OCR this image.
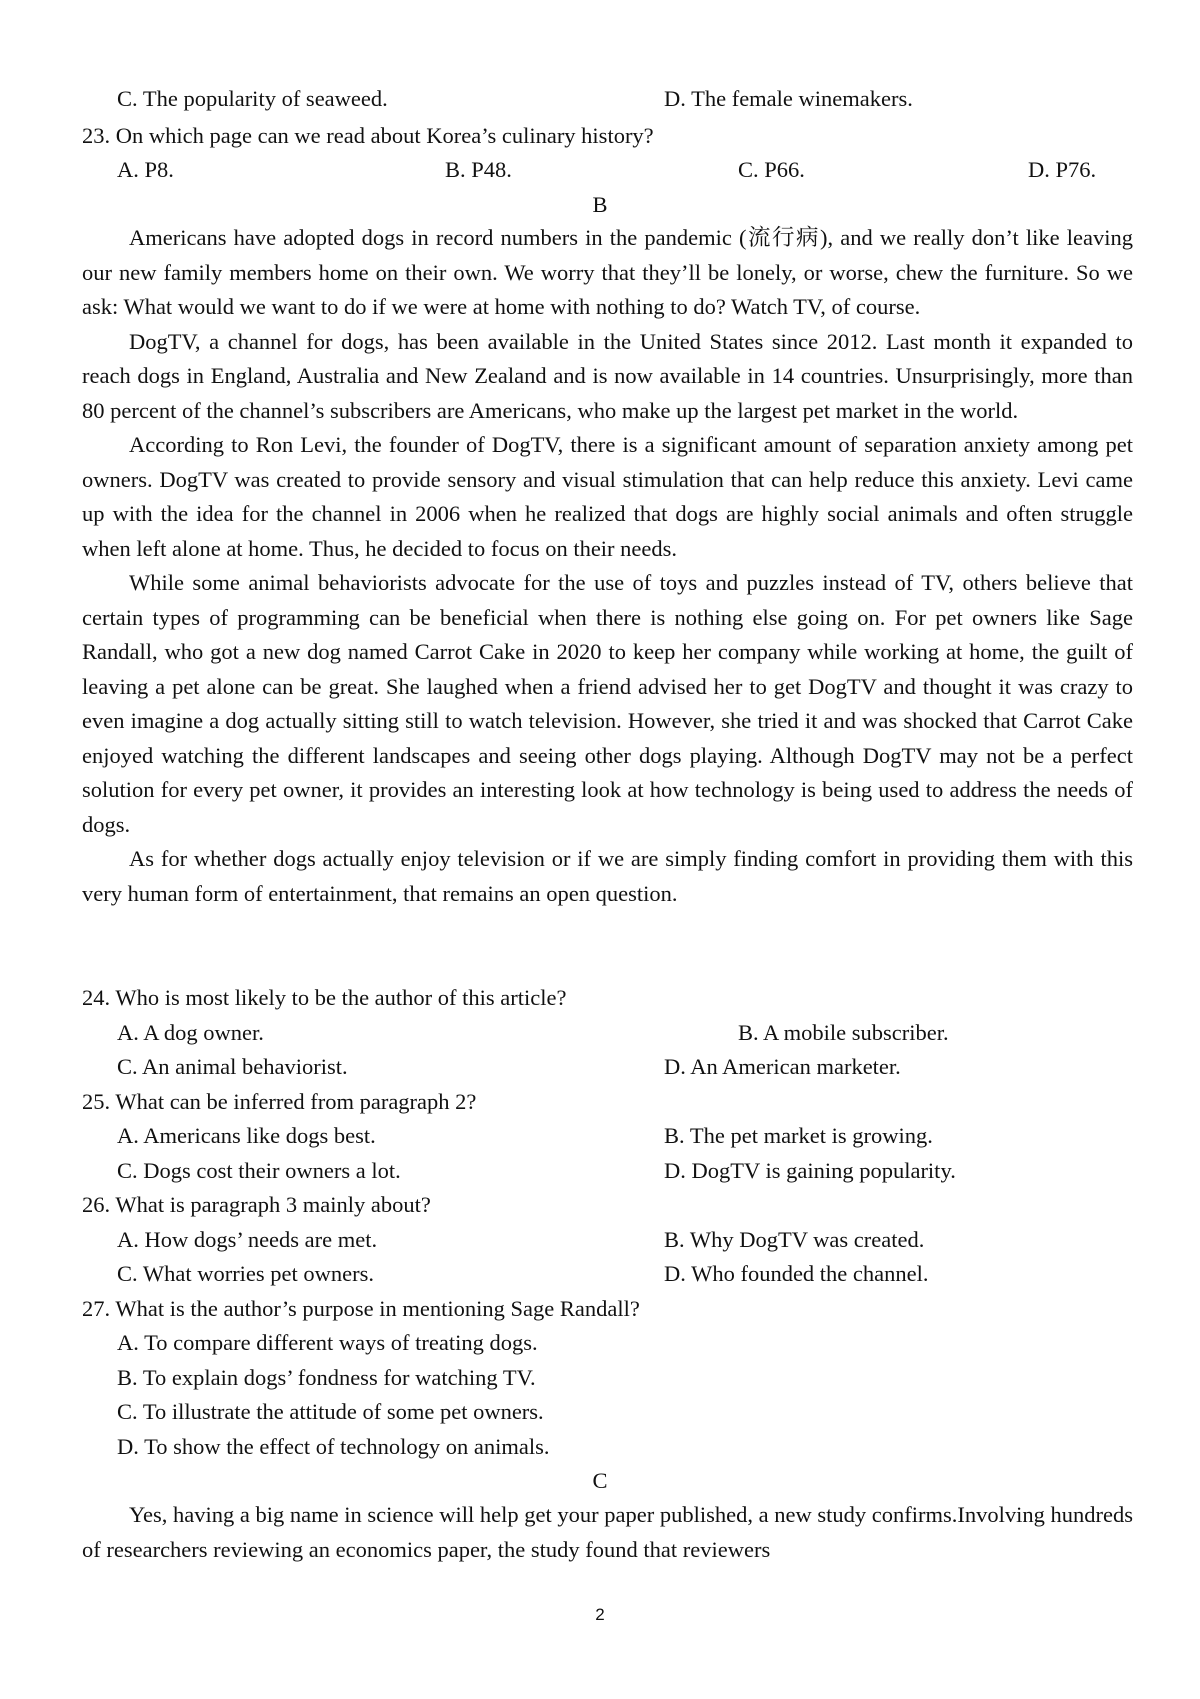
C. The popularity of seaweed.	D. The female winemakers.
23. On which page can we read about Korea’s culinary history?
A. P8.	B. P48.	C. P66.	D. P76.
B

Americans have adopted dogs in record numbers in the pandemic (流行病), and we really don’t like leaving our new family members home on their own. We worry that they’ll be lonely, or worse, chew the furniture. So we ask: What would we want to do if we were at home with nothing to do? Watch TV, of course.

DogTV, a channel for dogs, has been available in the United States since 2012. Last month it expanded to reach dogs in England, Australia and New Zealand and is now available in 14 countries. Unsurprisingly, more than 80 percent of the channel’s subscribers are Americans, who make up the largest pet market in the world.

According to Ron Levi, the founder of DogTV, there is a significant amount of separation anxiety among pet owners. DogTV was created to provide sensory and visual stimulation that can help reduce this anxiety. Levi came up with the idea for the channel in 2006 when he realized that dogs are highly social animals and often struggle when left alone at home. Thus, he decided to focus on their needs.

While some animal behaviorists advocate for the use of toys and puzzles instead of TV, others believe that certain types of programming can be beneficial when there is nothing else going on. For pet owners like Sage Randall, who got a new dog named Carrot Cake in 2020 to keep her company while working at home, the guilt of leaving a pet alone can be great. She laughed when a friend advised her to get DogTV and thought it was crazy to even imagine a dog actually sitting still to watch television. However, she tried it and was shocked that Carrot Cake enjoyed watching the different landscapes and seeing other dogs playing. Although DogTV may not be a perfect solution for every pet owner, it provides an interesting look at how technology is being used to address the needs of dogs.

As for whether dogs actually enjoy television or if we are simply finding comfort in providing them with this very human form of entertainment, that remains an open question.

24. Who is most likely to be the author of this article?
A. A dog owner.	B. A mobile subscriber.
C. An animal behaviorist.	D. An American marketer.
25. What can be inferred from paragraph 2?
A. Americans like dogs best.	B. The pet market is growing.
C. Dogs cost their owners a lot.	D. DogTV is gaining popularity.
26. What is paragraph 3 mainly about?
A. How dogs’ needs are met.	B. Why DogTV was created.
C. What worries pet owners.	D. Who founded the channel.
27. What is the author’s purpose in mentioning Sage Randall?
A. To compare different ways of treating dogs.
B. To explain dogs’ fondness for watching TV.
C. To illustrate the attitude of some pet owners.
D. To show the effect of technology on animals.
C

Yes, having a big name in science will help get your paper published, a new study confirms.Involving hundreds of researchers reviewing an economics paper, the study found that reviewers

2
